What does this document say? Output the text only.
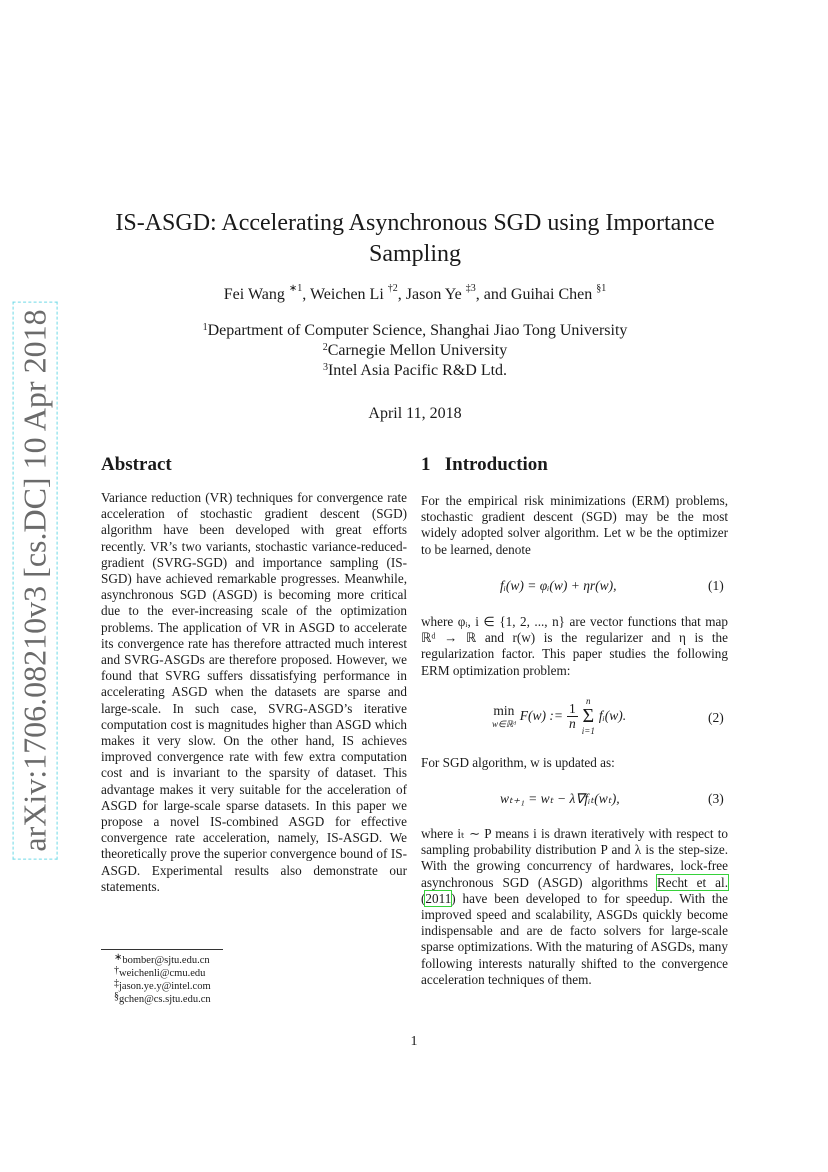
arXiv:1706.08210v3 [cs.DC] 10 Apr 2018
IS-ASGD: Accelerating Asynchronous SGD using Importance Sampling
Fei Wang $^{∗1}$, Weichen Li $^{\dagger 2}$, Jason Ye $^{\ddagger 3}$, and Guihai Chen $^{\S 1}$
$^1$Department of Computer Science, Shanghai Jiao Tong University
$^2$Carnegie Mellon University
$^3$Intel Asia Pacific R&D Ltd.
April 11, 2018
Abstract
Variance reduction (VR) techniques for convergence rate acceleration of stochastic gradient descent (SGD) algorithm have been developed with great efforts recently. VR’s two variants, stochastic variance-reduced-gradient (SVRG-SGD) and importance sampling (IS-SGD) have achieved remarkable progresses. Meanwhile, asynchronous SGD (ASGD) is becoming more critical due to the ever-increasing scale of the optimization problems. The application of VR in ASGD to accelerate its convergence rate has therefore attracted much interest and SVRG-ASGDs are therefore proposed. However, we found that SVRG suffers dissatisfying performance in accelerating ASGD when the datasets are sparse and large-scale. In such case, SVRG-ASGD’s iterative computation cost is magnitudes higher than ASGD which makes it very slow. On the other hand, IS achieves improved convergence rate with few extra computation cost and is invariant to the sparsity of dataset. This advantage makes it very suitable for the acceleration of ASGD for large-scale sparse datasets. In this paper we propose a novel IS-combined ASGD for effective convergence rate acceleration, namely, IS-ASGD. We theoretically prove the superior convergence bound of IS-ASGD. Experimental results also demonstrate our statements.
∗bomber@sjtu.edu.cn
†weichenli@cmu.edu
‡jason.ye.y@intel.com
§gchen@cs.sjtu.edu.cn
1 Introduction
For the empirical risk minimizations (ERM) problems, stochastic gradient descent (SGD) may be the most widely adopted solver algorithm. Let w be the optimizer to be learned, denote
fᵢ(w) = φᵢ(w) + ηr(w),	(1)
where φᵢ, i ∈ {1, 2, ..., n} are vector functions that map ℝᵈ → ℝ and r(w) is the regularizer and η is the regularization factor. This paper studies the following ERM optimization problem:
min
w∈ℝᵈ
F(w) := $\frac{1}{n}$
n
Σ
i=1
fᵢ(w).	(2)
For SGD algorithm, w is updated as:
wₜ₊₁ = wₜ − λ∇fᵢₜ(wₜ),	(3)
where iₜ ∼ P means i is drawn iteratively with respect to sampling probability distribution P and λ is the step-size. With the growing concurrency of hardwares, lock-free asynchronous SGD (ASGD) algorithms Recht et al. (2011) have been developed to for speedup. With the improved speed and scalability, ASGDs quickly become indispensable and are de facto solvers for large-scale sparse optimizations. With the maturing of ASGDs, many following interests naturally shifted to the convergence acceleration techniques of them.
1
